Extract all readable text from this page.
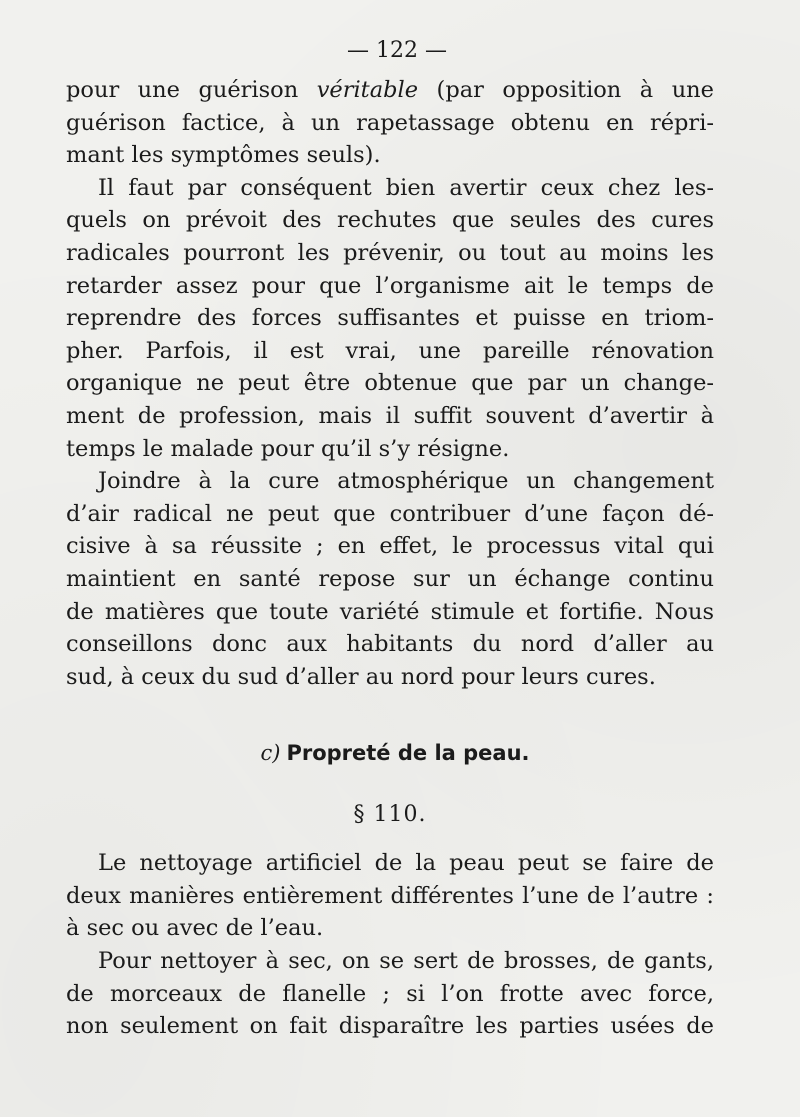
— 122 —

pour une guérison véritable (par opposition à une
guérison factice, à un rapetassage obtenu en répri-
mant les symptômes seuls).

Il faut par conséquent bien avertir ceux chez les-
quels on prévoit des rechutes que seules des cures
radicales pourront les prévenir, ou tout au moins les
retarder assez pour que l’organisme ait le temps de
reprendre des forces suffisantes et puisse en triom-
pher. Parfois, il est vrai, une pareille rénovation
organique ne peut être obtenue que par un change-
ment de profession, mais il suffit souvent d’avertir à
temps le malade pour qu’il s’y résigne.

Joindre à la cure atmosphérique un changement
d’air radical ne peut que contribuer d’une façon dé-
cisive à sa réussite ; en effet, le processus vital qui
maintient en santé repose sur un échange continu
de matières que toute variété stimule et fortifie. Nous
conseillons donc aux habitants du nord d’aller au
sud, à ceux du sud d’aller au nord pour leurs cures.

c) Propreté de la peau.
§ 110.

Le nettoyage artificiel de la peau peut se faire de
deux manières entièrement différentes l’une de l’autre :
à sec ou avec de l’eau.

Pour nettoyer à sec, on se sert de brosses, de gants,
de morceaux de flanelle ; si l’on frotte avec force,
non seulement on fait disparaître les parties usées de
